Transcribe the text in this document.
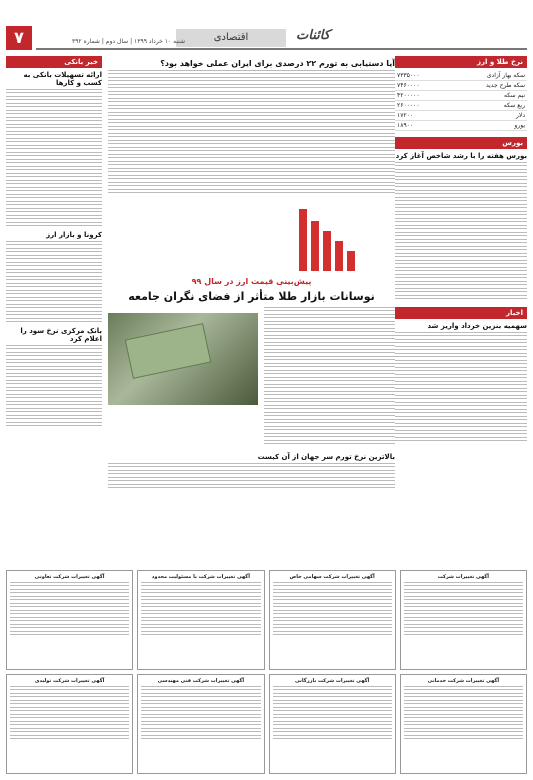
۷	اقتصادی	کائنات
شنبه ۱۰ خرداد ۱۳۹۹ | سال دوم | شماره ۳۹۲
نرخ طلا و ارز
سکه بهار آزادی	۷۳۳۵۰۰۰
سکه طرح جدید	۷۴۶۰۰۰۰
نیم سکه	۴۲۰۰۰۰۰
ربع سکه	۲۶۰۰۰۰۰
دلار	۱۷۲۰۰
یورو	۱۸۹۰۰
بورس
بورس هفته را با رشد شاخص آغاز کرد
اخبار
سهمیه بنزین خرداد واریز شد
آیا دستیابی به تورم ۲۲ درصدی برای ایران عملی خواهد بود؟
پیش‌بینی قیمت ارز در سال ۹۹
نوسانات بازار طلا متأثر از فضای نگران جامعه
بالاترین نرخ تورم سر جهان از آن کیست
خبر بانکی
ارائه تسهیلات بانکی به کسب و کارها
کرونا و بازار ارز
بانک مرکزی نرخ سود را اعلام کرد
آگهی تغییرات شرکت
آگهی تغییرات شرکت سهامی خاص
آگهی تغییرات شرکت با مسئولیت محدود
آگهی تغییرات شرکت تعاونی
آگهی تغییرات شرکت خدماتی
آگهی تغییرات شرکت بازرگانی
آگهی تغییرات شرکت فنی مهندسی
آگهی تغییرات شرکت تولیدی
